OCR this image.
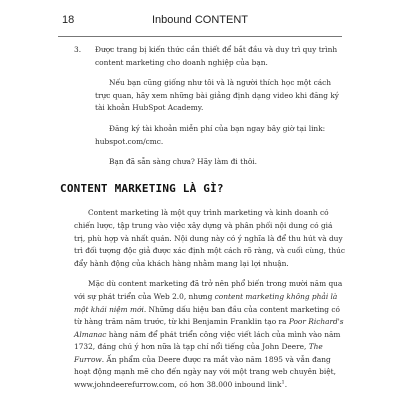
18	Inbound CONTENT
3. Được trang bị kiến thức cần thiết để bắt đầu và duy trì quy trình content marketing cho doanh nghiệp của bạn.

Nếu bạn cũng giống như tôi và là người thích học một cách trực quan, hãy xem những bài giảng định dạng video khi đăng ký tài khoản HubSpot Academy.

Đăng ký tài khoản miễn phí của bạn ngay bây giờ tại link: hubspot.com/cmc.

Bạn đã sẵn sàng chưa? Hãy làm đi thôi.

CONTENT MARKETING LÀ GÌ?

Content marketing là một quy trình marketing và kinh doanh có chiến lược, tập trung vào việc xây dựng và phân phối nội dung có giá trị, phù hợp và nhất quán. Nội dung này có ý nghĩa là để thu hút và duy trì đối tượng độc giả được xác định một cách rõ ràng, và cuối cùng, thúc đẩy hành động của khách hàng nhằm mang lại lợi nhuận.

Mặc dù content marketing đã trở nên phổ biến trong mười năm qua với sự phát triển của Web 2.0, nhưng content marketing không phải là một khái niệm mới. Những dấu hiệu ban đầu của content marketing có từ hàng trăm năm trước, từ khi Benjamin Franklin tạo ra Poor Richard's Almanac hàng năm để phát triển công việc viết lách của mình vào năm 1732, đáng chú ý hơn nữa là tạp chí nổi tiếng của John Deere, The Furrow. Ấn phẩm của Deere được ra mắt vào năm 1895 và vẫn đang hoạt động mạnh mẽ cho đến ngày nay với một trang web chuyên biệt, www.johndeerefurrow.com, có hơn 38.000 inbound link$^1$.
